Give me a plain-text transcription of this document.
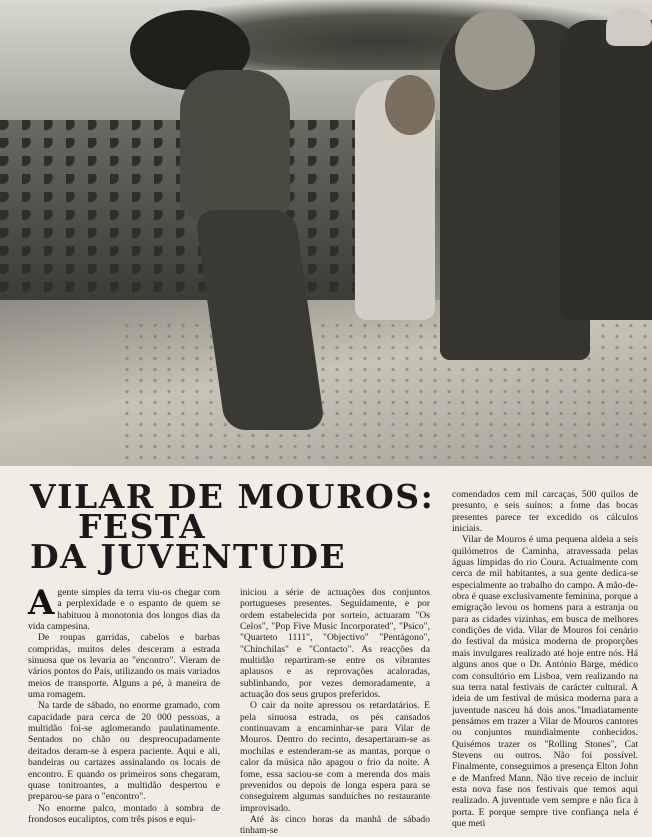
VILAR DE MOUROS:
FESTA
DA JUVENTUDE

A gente simples da terra viu-os chegar com a perplexidade e o espanto de quem se habituou à monotonia dos longos dias da vida campesina.

De roupas garridas, cabelos e barbas compridas, muitos deles desceram a estrada sinuosa que os levaria ao "encontro". Vieram de vários pontos do País, utilizando os mais variados meios de transporte. Alguns a pé, à maneira de uma romagem.

Na tarde de sábado, no enorme gramado, com capacidade para cerca de 20 000 pessoas, a multidão foi-se aglomerando paulatinamente. Sentados no chão ou despreocupadamente deitados deram-se à espera paciente. Aqui e ali, bandeiras ou cartazes assinalando os locais de encontro. E quando os primeiros sons chegaram, quase tonitroantes, a multidão despertou e preparou-se para o "encontro".

No enorme palco, montado à sombra de frondosos eucaliptos, com três pisos e equi-

iniciou a série de actuações dos conjuntos portugueses presentes. Seguidamente, e por ordem estabelecida por sorteio, actuaram "Os Celos", "Pop Five Music Incorporated", "Psico", "Quarteto 1111", "Objectivo" "Pentágono", "Chinchilas" e "Contacto". As reacções da multidão repartiram-se entre os vibrantes aplausos e as reprovações acaloradas, sublinhando, por vezes demoradamente, a actuação dos seus grupos preferidos.

O cair da noite apressou os retardatários. E pela sinuosa estrada, os pés cansados continuavam a encaminhar-se para Vilar de Mouros. Dentro do recinto, desapertaram-se as mochilas e estenderam-se as mantas, porque o calor da música não apagou o frio da noite. A fome, essa saciou-se com a merenda dos mais prevenidos ou depois de longa espera para se conseguirem algumas sanduíches no restaurante improvisado.

Até às cinco horas da manhã de sábado tinham-se

comendados cem mil carcaças, 500 quilos de presunto, e seis suínos: a fome das bocas presentes parece ter excedido os cálculos iniciais.

Vilar de Mouros é uma pequena aldeia a seis quilómetros de Caminha, atravessada pelas águas límpidas do rio Coura. Actualmente com cerca de mil habitantes, a sua gente dedica-se especialmente ao trabalho do campo. A mão-de-obra é quase exclusivamente feminina, porque a emigração levou os homens para a estranja ou para as cidades vizinhas, em busca de melhores condições de vida. Vilar de Mouros foi cenário do festival da música moderna de proporções mais invulgares realizado até hoje entre nós. Há alguns anos que o Dr. António Barge, médico com consultório em Lisboa, vem realizando na sua terra natal festivais de carácter cultural. A ideia de um festival de música moderna para a juventude nasceu há dois anos."Imadiatamente pensámos em trazer a Vilar de Mouros cantores ou conjuntos mundialmente conhecidos. Quisémos trazer os "Rolling Stones", Cat Stevens ou outros. Não foi possível. Finalmente, conseguimos a presença Elton John e de Manfred Mann. Não tive receio de incluir esta nova fase nos festivais que temos aqui realizado. A juventude vem sempre e não fica à porta. E porque sempre tive confiança nela é que meti
